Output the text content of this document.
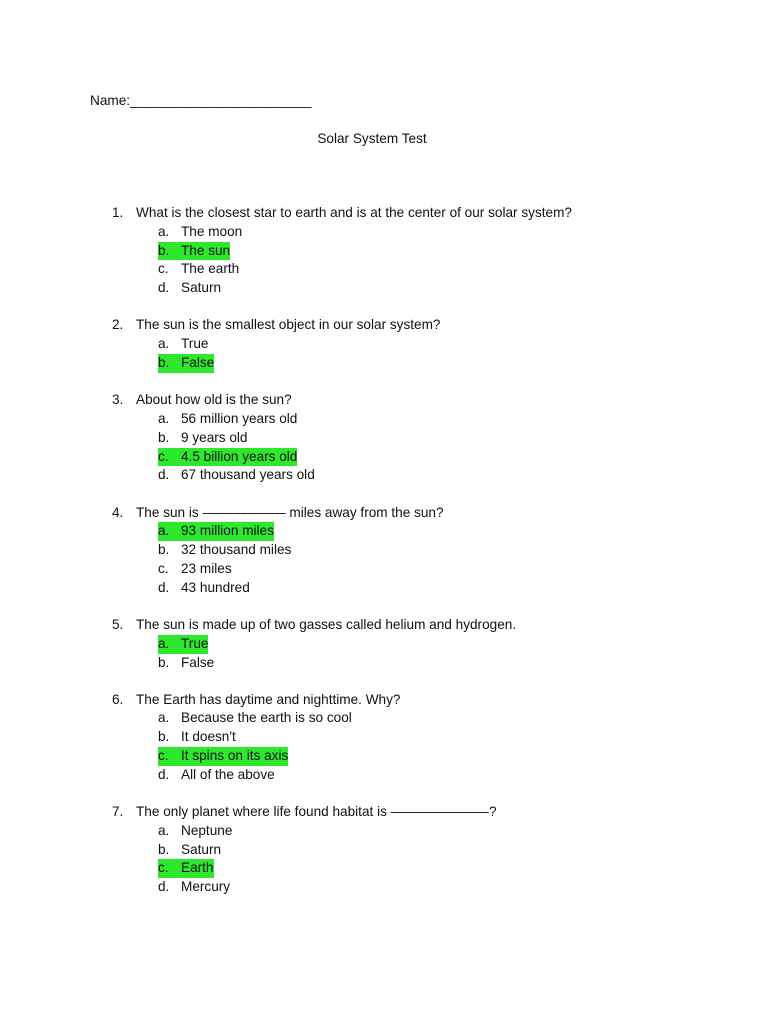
Name:________________________
Solar System Test
1. What is the closest star to earth and is at the center of our solar system?
a. The moon
b. The sun
c. The earth
d. Saturn
2. The sun is the smallest object in our solar system?
a. True
b. False
3. About how old is the sun?
a. 56 million years old
b. 9 years old
c. 4.5 billion years old
d. 67 thousand years old
4. The sun is ––––––––––– miles away from the sun?
a. 93 million miles
b. 32 thousand miles
c. 23 miles
d. 43 hundred
5. The sun is made up of two gasses called helium and hydrogen.
a. True
b. False
6. The Earth has daytime and nighttime. Why?
a. Because the earth is so cool
b. It doesn't
c. It spins on its axis
d. All of the above
7. The only planet where life found habitat is –––––––––––––?
a. Neptune
b. Saturn
c. Earth
d. Mercury
